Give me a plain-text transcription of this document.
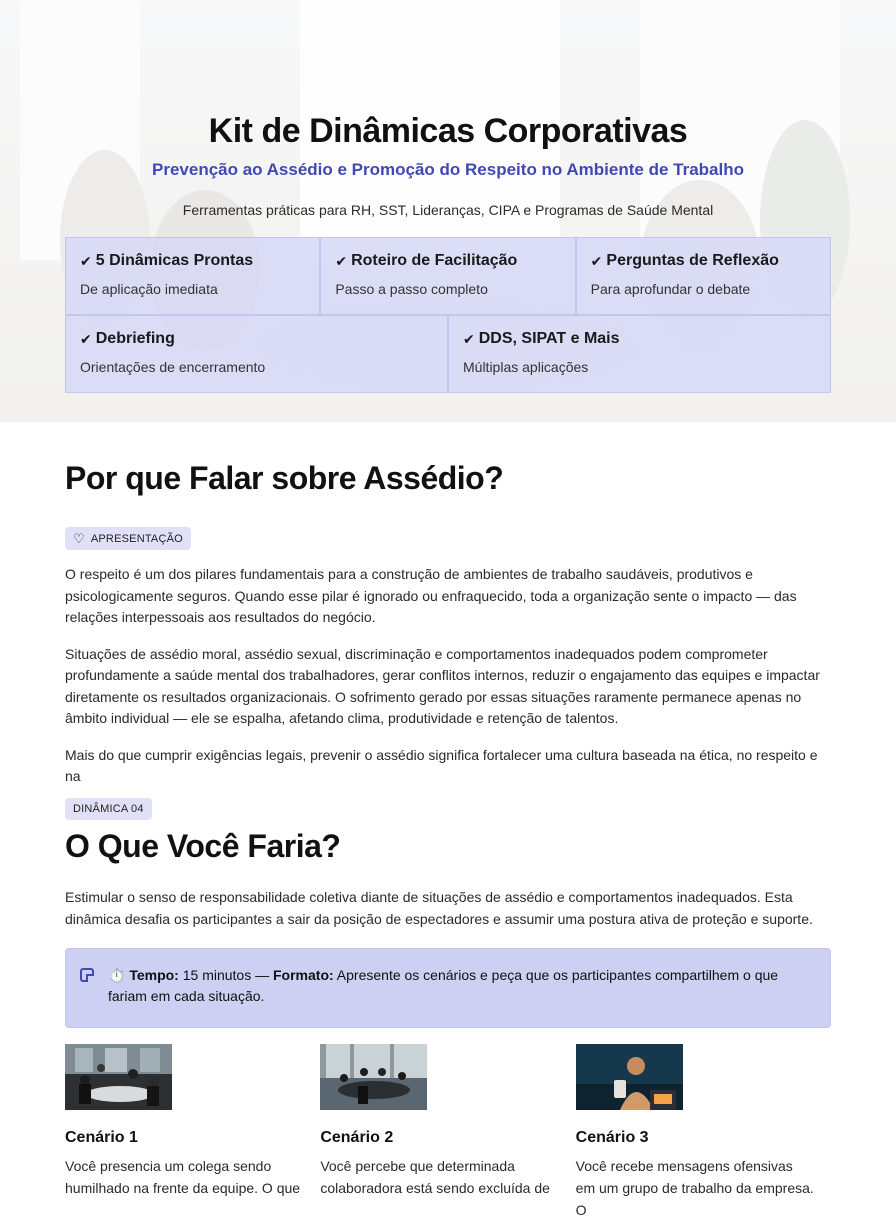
Kit de Dinâmicas Corporativas
Prevenção ao Assédio e Promoção do Respeito no Ambiente de Trabalho
Ferramentas práticas para RH, SST, Lideranças, CIPA e Programas de Saúde Mental
✔ 5 Dinâmicas Prontas
De aplicação imediata
✔ Roteiro de Facilitação
Passo a passo completo
✔ Perguntas de Reflexão
Para aprofundar o debate
✔ Debriefing
Orientações de encerramento
✔ DDS, SIPAT e Mais
Múltiplas aplicações
Por que Falar sobre Assédio?
♡ APRESENTAÇÃO

O respeito é um dos pilares fundamentais para a construção de ambientes de trabalho saudáveis, produtivos e psicologicamente seguros. Quando esse pilar é ignorado ou enfraquecido, toda a organização sente o impacto — das relações interpessoais aos resultados do negócio.

Situações de assédio moral, assédio sexual, discriminação e comportamentos inadequados podem comprometer profundamente a saúde mental dos trabalhadores, gerar conflitos internos, reduzir o engajamento das equipes e impactar diretamente os resultados organizacionais. O sofrimento gerado por essas situações raramente permanece apenas no âmbito individual — ele se espalha, afetando clima, produtividade e retenção de talentos.

Mais do que cumprir exigências legais, prevenir o assédio significa fortalecer uma cultura baseada na ética, no respeito e na

DINÂMICA 04
O Que Você Faria?

Estimular o senso de responsabilidade coletiva diante de situações de assédio e comportamentos inadequados. Esta dinâmica desafia os participantes a sair da posição de espectadores e assumir uma postura ativa de proteção e suporte.

⏱️ Tempo: 15 minutos — Formato: Apresente os cenários e peça que os participantes compartilhem o que fariam em cada situação.
Cenário 1
Você presencia um colega sendo humilhado na frente da equipe. O que
Cenário 2
Você percebe que determinada colaboradora está sendo excluída de
Cenário 3
Você recebe mensagens ofensivas em um grupo de trabalho da empresa. O
